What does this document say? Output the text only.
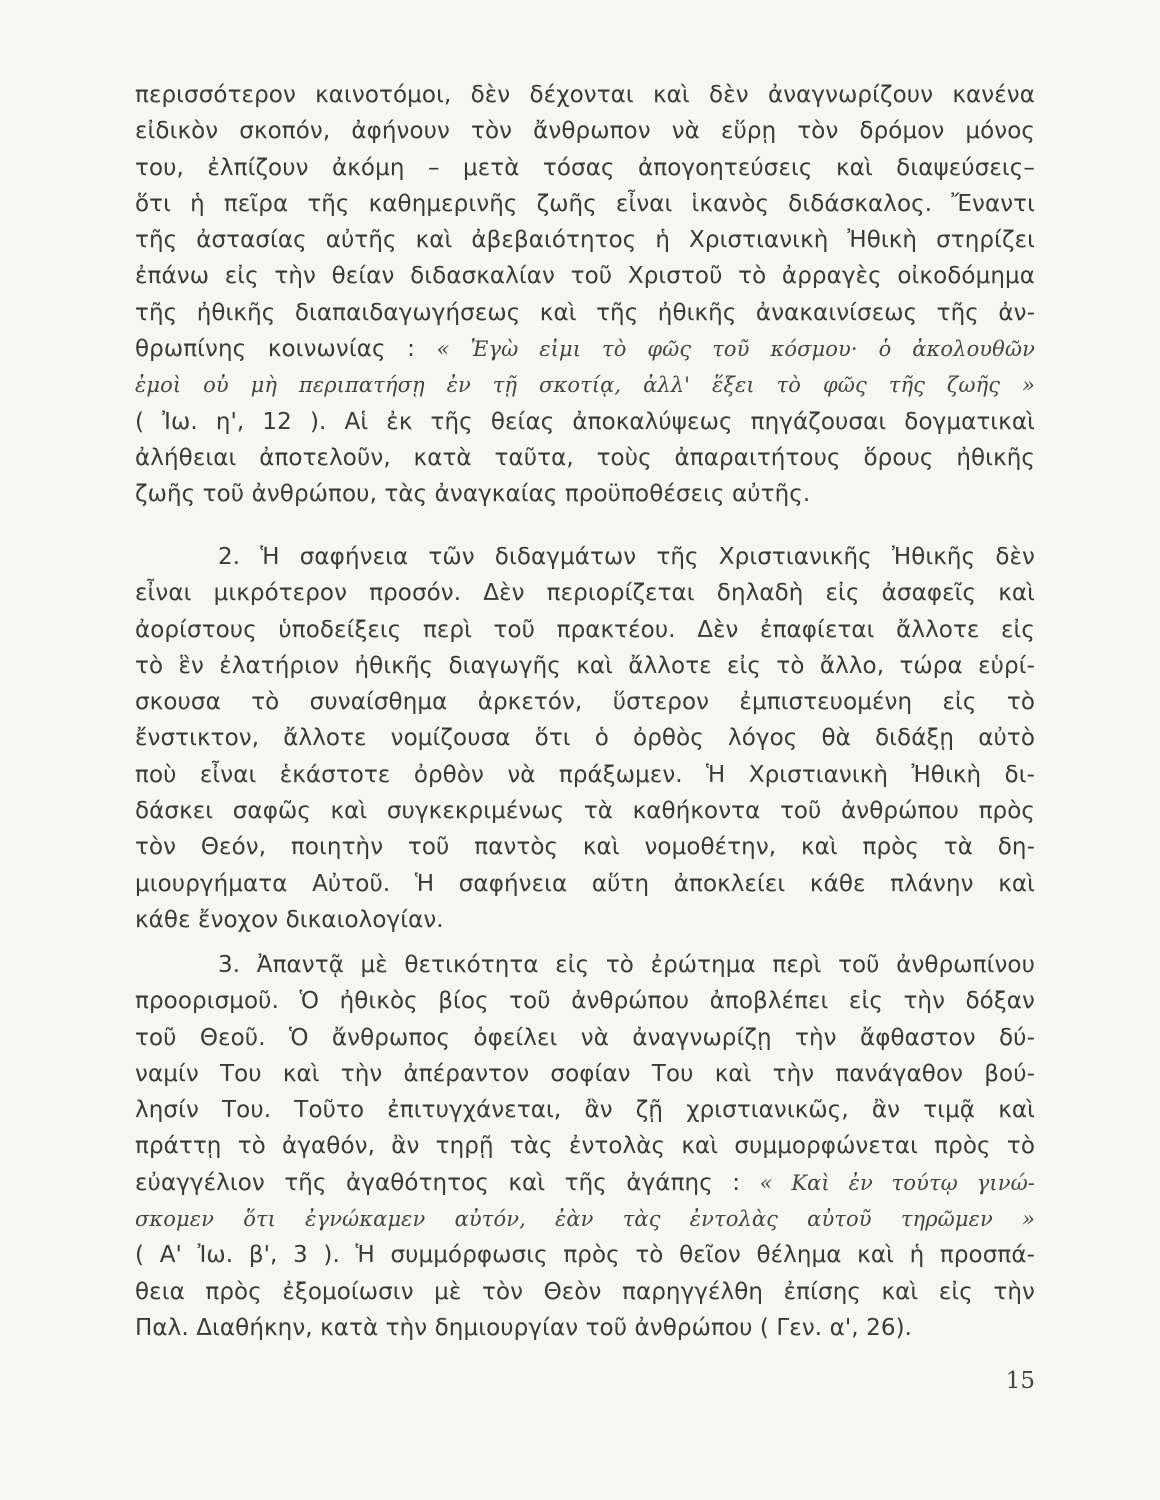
περισσότερον καινοτόμοι, δὲν δέχονται καὶ δὲν ἀναγνωρίζουν κανένα
εἰδικὸν σκοπόν, ἀφήνουν τὸν ἄνθρωπον νὰ εὕρῃ τὸν δρόμον μόνος
του, ἐλπίζουν ἀκόμη – μετὰ τόσας ἀπογοητεύσεις καὶ διαψεύσεις–
ὅτι ἡ πεῖρα τῆς καθημερινῆς ζωῆς εἶναι ἱκανὸς διδάσκαλος. Ἔναντι
τῆς ἀστασίας αὐτῆς καὶ ἀβεβαιότητος ἡ Χριστιανικὴ Ἠθικὴ στηρίζει
ἐπάνω εἰς τὴν θείαν διδασκαλίαν τοῦ Χριστοῦ τὸ ἀρραγὲς οἰκοδόμημα
τῆς ἠθικῆς διαπαιδαγωγήσεως καὶ τῆς ἠθικῆς ἀνακαινίσεως τῆς ἀν-
θρωπίνης κοινωνίας : « Ἐγὼ εἰμι τὸ φῶς τοῦ κόσμου· ὁ ἀκολουθῶν
ἐμοὶ οὐ μὴ περιπατήσῃ ἐν τῇ σκοτίᾳ, ἀλλ' ἕξει τὸ φῶς τῆς ζωῆς »
( Ἰω. η', 12 ). Αἱ ἐκ τῆς θείας ἀποκαλύψεως πηγάζουσαι δογματικαὶ
ἀλήθειαι ἀποτελοῦν, κατὰ ταῦτα, τοὺς ἀπαραιτήτους ὅρους ἠθικῆς
ζωῆς τοῦ ἀνθρώπου, τὰς ἀναγκαίας προϋποθέσεις αὐτῆς.
2. Ἡ σαφήνεια τῶν διδαγμάτων τῆς Χριστιανικῆς Ἠθικῆς δὲν
εἶναι μικρότερον προσόν. Δὲν περιορίζεται δηλαδὴ εἰς ἀσαφεῖς καὶ
ἀορίστους ὑποδείξεις περὶ τοῦ πρακτέου. Δὲν ἐπαφίεται ἄλλοτε εἰς
τὸ ἓν ἐλατήριον ἠθικῆς διαγωγῆς καὶ ἄλλοτε εἰς τὸ ἄλλο, τώρα εὑρί-
σκουσα τὸ συναίσθημα ἀρκετόν, ὕστερον ἐμπιστευομένη εἰς τὸ
ἔνστικτον, ἄλλοτε νομίζουσα ὅτι ὁ ὀρθὸς λόγος θὰ διδάξῃ αὐτὸ
ποὺ εἶναι ἑκάστοτε ὀρθὸν νὰ πράξωμεν. Ἡ Χριστιανικὴ Ἠθικὴ δι-
δάσκει σαφῶς καὶ συγκεκριμένως τὰ καθήκοντα τοῦ ἀνθρώπου πρὸς
τὸν Θεόν, ποιητὴν τοῦ παντὸς καὶ νομοθέτην, καὶ πρὸς τὰ δη-
μιουργήματα Αὐτοῦ. Ἡ σαφήνεια αὕτη ἀποκλείει κάθε πλάνην καὶ
κάθε ἔνοχον δικαιολογίαν.
3. Ἀπαντᾷ μὲ θετικότητα εἰς τὸ ἐρώτημα περὶ τοῦ ἀνθρωπίνου
προορισμοῦ. Ὁ ἠθικὸς βίος τοῦ ἀνθρώπου ἀποβλέπει εἰς τὴν δόξαν
τοῦ Θεοῦ. Ὁ ἄνθρωπος ὀφείλει νὰ ἀναγνωρίζῃ τὴν ἄφθαστον δύ-
ναμίν Του καὶ τὴν ἀπέραντον σοφίαν Του καὶ τὴν πανάγαθον βού-
λησίν Του. Τοῦτο ἐπιτυγχάνεται, ἂν ζῇ χριστιανικῶς, ἂν τιμᾷ καὶ
πράττῃ τὸ ἀγαθόν, ἂν τηρῇ τὰς ἐντολὰς καὶ συμμορφώνεται πρὸς τὸ
εὐαγγέλιον τῆς ἀγαθότητος καὶ τῆς ἀγάπης : « Καὶ ἐν τούτῳ γινώ-
σκομεν ὅτι ἐγνώκαμεν αὐτόν, ἐὰν τὰς ἐντολὰς αὐτοῦ τηρῶμεν »
( Α' Ἰω. β', 3 ). Ἡ συμμόρφωσις πρὸς τὸ θεῖον θέλημα καὶ ἡ προσπά-
θεια πρὸς ἐξομοίωσιν μὲ τὸν Θεὸν παρηγγέλθη ἐπίσης καὶ εἰς τὴν
Παλ. Διαθήκην, κατὰ τὴν δημιουργίαν τοῦ ἀνθρώπου ( Γεν. α', 26).
15
